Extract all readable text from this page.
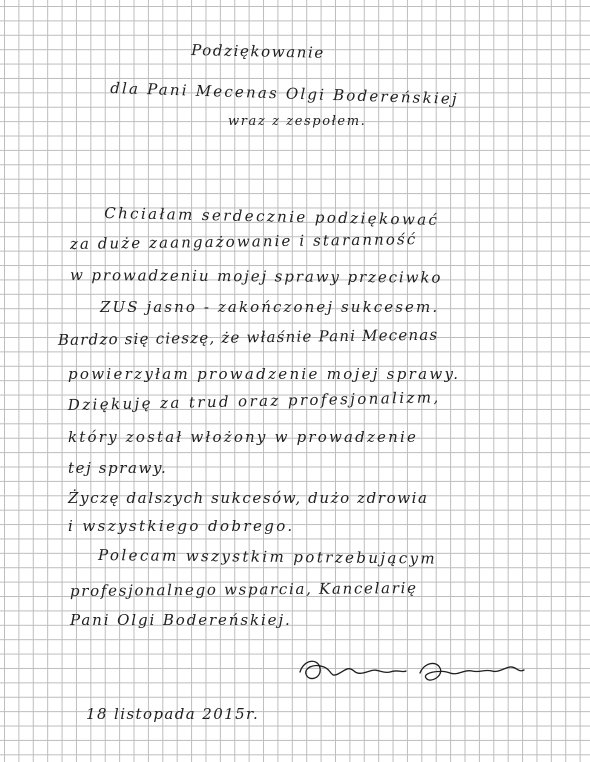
Podziękowanie
dla Pani Mecenas Olgi Bodereńskiej
wraz z zespołem.
Chciałam serdecznie podziękować
za duże zaangażowanie i staranność
w prowadzeniu mojej sprawy przeciwko
ZUS jasno - zakończonej sukcesem.
Bardzo się cieszę, że właśnie Pani Mecenas
powierzyłam prowadzenie mojej sprawy.
Dziękuję za trud oraz profesjonalizm,
który został włożony w prowadzenie
tej sprawy.
Życzę dalszych sukcesów, dużo zdrowia
i wszystkiego dobrego.
Polecam wszystkim potrzebującym
profesjonalnego wsparcia, Kancelarię
Pani Olgi Bodereńskiej.
18 listopada 2015r.
